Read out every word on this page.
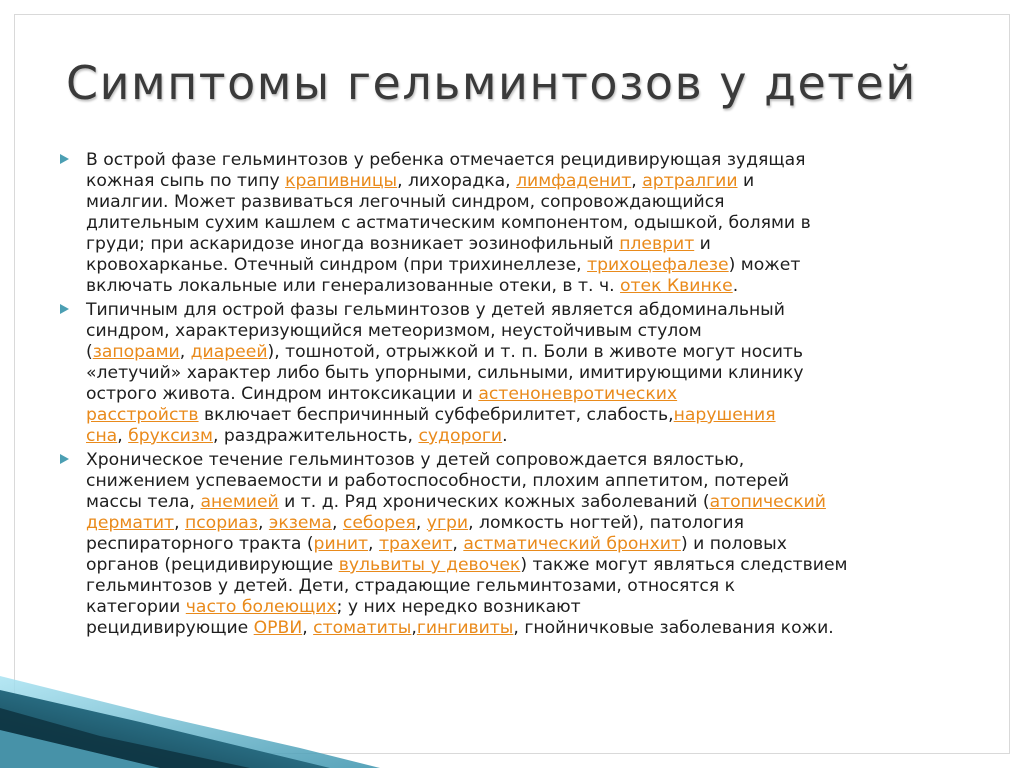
Симптомы гельминтозов у детей
В острой фазе гельминтозов у ребенка отмечается рецидивирующая зудящая
кожная сыпь по типу крапивницы, лихорадка, лимфаденит, артралгии и
миалгии. Может развиваться легочный синдром, сопровождающийся
длительным сухим кашлем с астматическим компонентом, одышкой, болями в
груди; при аскаридозе иногда возникает эозинофильный плеврит и
кровохарканье. Отечный синдром (при трихинеллезе, трихоцефалезе) может
включать локальные или генерализованные отеки, в т. ч. отек Квинке.
Типичным для острой фазы гельминтозов у детей является абдоминальный
синдром, характеризующийся метеоризмом, неустойчивым стулом
(запорами, диареей), тошнотой, отрыжкой и т. п. Боли в животе могут носить
«летучий» характер либо быть упорными, сильными, имитирующими клинику
острого живота. Синдром интоксикации и астеноневротических
расстройств включает беспричинный субфебрилитет, слабость,нарушения
сна, бруксизм, раздражительность, судороги.
Хроническое течение гельминтозов у детей сопровождается вялостью,
снижением успеваемости и работоспособности, плохим аппетитом, потерей
массы тела, анемией и т. д. Ряд хронических кожных заболеваний (атопический
дерматит, псориаз, экзема, себорея, угри, ломкость ногтей), патология
респираторного тракта (ринит, трахеит, астматический бронхит) и половых
органов (рецидивирующие вульвиты у девочек) также могут являться следствием
гельминтозов у детей. Дети, страдающие гельминтозами, относятся к
категории часто болеющих; у них нередко возникают
рецидивирующие ОРВИ, стоматиты,гингивиты, гнойничковые заболевания кожи.
